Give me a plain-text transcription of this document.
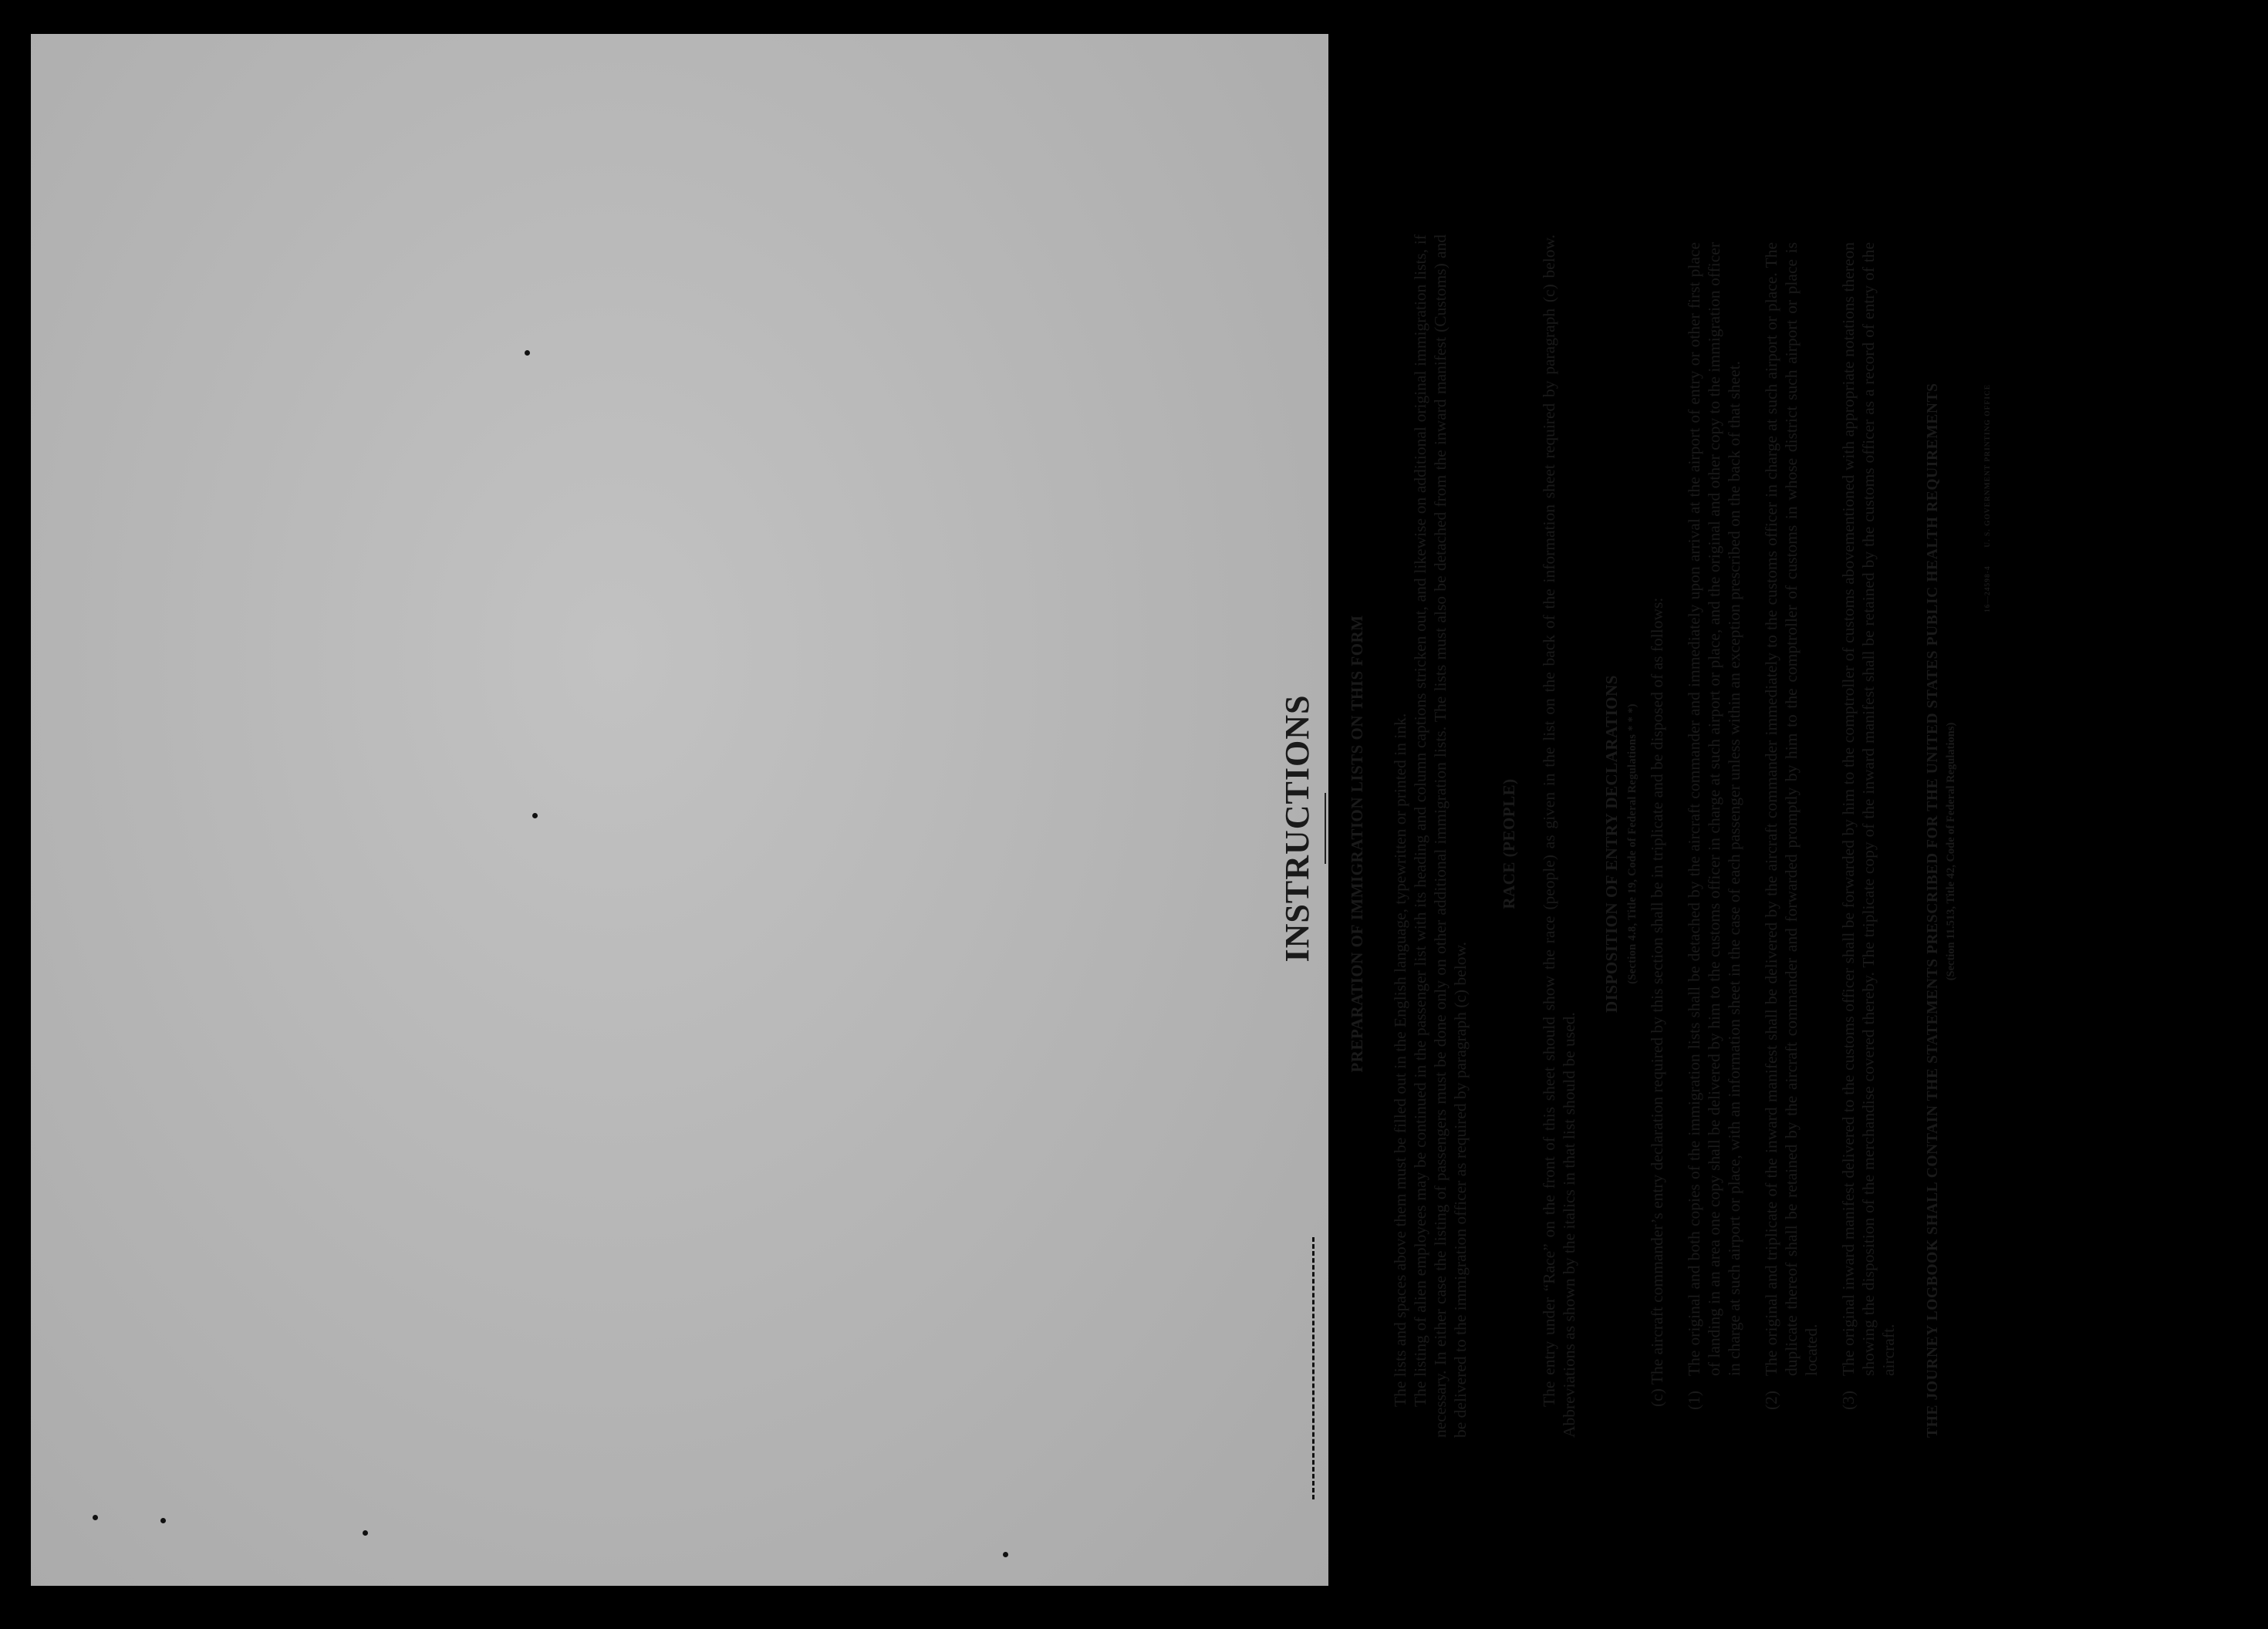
INSTRUCTIONS PREPARATION OF IMMIGRATION LISTS ON THIS FORM The lists and spaces above them must be filled out in the English language, typewritten or printed in ink. The listing of alien employees may be continued in the passenger list with its heading and column captions stricken out, and likewise on additional original immigration lists, if necessary. In either case the listing of passengers must be done only on other additional immigration lists. The lists must also be detached from the inward manifest (Customs) and be delivered to the immigration officer as required by paragraph (c) below.
RACE (PEOPLE) The entry under “Race” on the front of this sheet should show the race (people) as given in the list on the back of the information sheet required by paragraph (c) below. Abbreviations as shown by the italics in that list should be used.
DISPOSITION OF ENTRY DECLARATIONS (Section 4.8, Title 19, Code of Federal Regulations * * *) (c) The aircraft commander’s entry declaration required by this section shall be in triplicate and be disposed of as follows: (1)
The original and both copies of the immigration lists shall be detached by the aircraft commander and immediately upon arrival at the airport of entry or other first place of landing in an area one copy shall be delivered by him to the customs officer in charge at such airport or place, and the original and other copy to the immigration officer in charge at such airport or place, with an information sheet in the case of each passenger unless within an exception prescribed on the back of that sheet.
(2)
The original and triplicate of the inward manifest shall be delivered by the aircraft commander immediately to the customs officer in charge at such airport or place. The duplicate thereof shall be retained by the aircraft commander and forwarded promptly by him to the comptroller of customs in whose district such airport or place is located.
(3)
The original inward manifest delivered to the customs officer shall be forwarded by him to the comptroller of customs abovementioned with appropriate notations thereon showing the disposition of the merchandise covered thereby. The triplicate copy of the inward manifest shall be retained by the customs officer as a record of entry of the aircraft. THE JOURNEY LOGBOOK SHALL CONTAIN THE STATEMENTS PRESCRIBED FOR THE UNITED STATES PUBLIC HEALTH REQUIREMENTS (Section 11.513, Title 42, Code of Federal Regulations)
16—24598-4       U. S. GOVERNMENT PRINTING OFFICE
